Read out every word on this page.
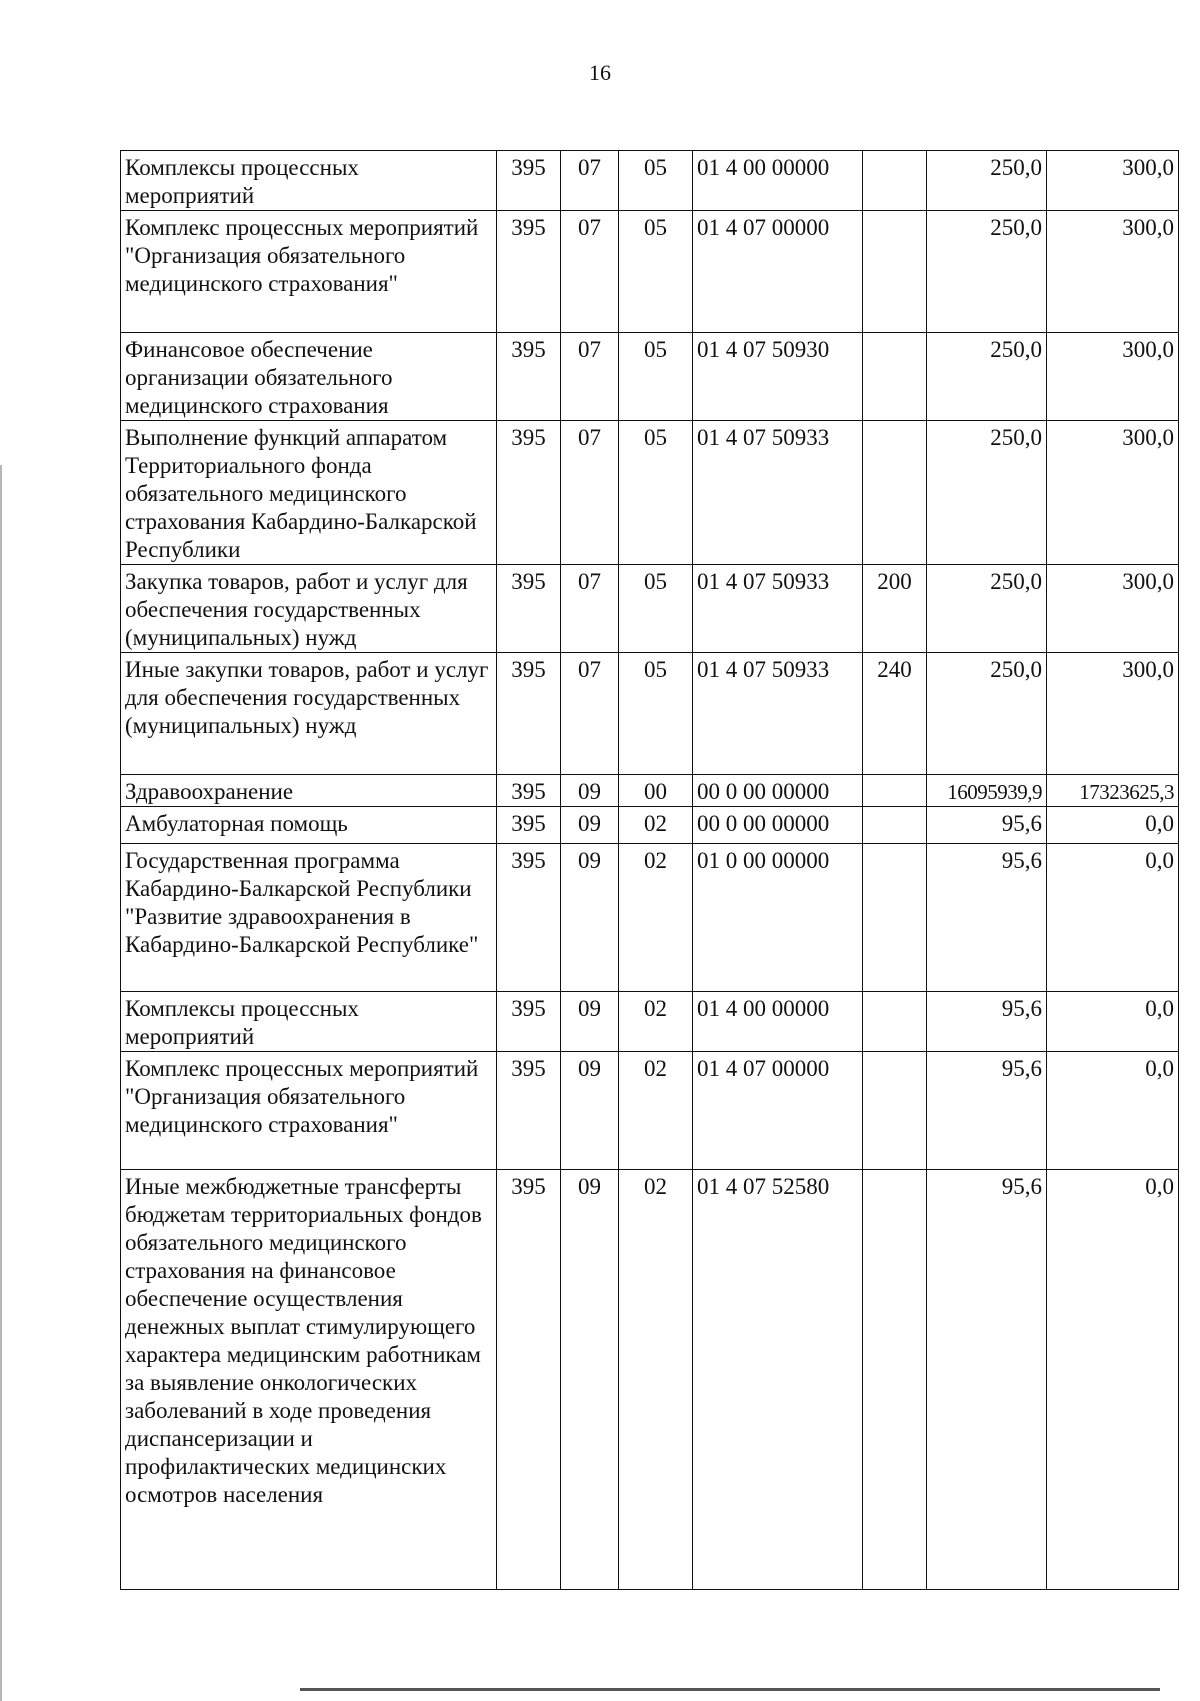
16
Комплексы процессных мероприятий	395	07	05	01 4 00 00000		250,0	300,0
Комплекс процессных мероприятий "Организация обязательного медицинского страхования"	395	07	05	01 4 07 00000		250,0	300,0
Финансовое обеспечение организации обязательного медицинского страхования	395	07	05	01 4 07 50930		250,0	300,0
Выполнение функций аппаратом Территориального фонда обязательного медицинского страхования Кабардино-Балкарской Республики	395	07	05	01 4 07 50933		250,0	300,0
Закупка товаров, работ и услуг для обеспечения государственных (муниципальных) нужд	395	07	05	01 4 07 50933	200	250,0	300,0
Иные закупки товаров, работ и услуг для обеспечения государственных (муниципальных) нужд	395	07	05	01 4 07 50933	240	250,0	300,0
Здравоохранение	395	09	00	00 0 00 00000		16095939,9	17323625,3
Амбулаторная помощь	395	09	02	00 0 00 00000		95,6	0,0
Государственная программа Кабардино-Балкарской Республики "Развитие здравоохранения в Кабардино-Балкарской Республике"	395	09	02	01 0 00 00000		95,6	0,0
Комплексы процессных мероприятий	395	09	02	01 4 00 00000		95,6	0,0
Комплекс процессных мероприятий "Организация обязательного медицинского страхования"	395	09	02	01 4 07 00000		95,6	0,0
Иные межбюджетные трансферты бюджетам территориальных фондов обязательного медицинского страхования на финансовое обеспечение осуществления денежных выплат стимулирующего характера медицинским работникам за выявление онкологических заболеваний в ходе проведения диспансеризации и профилактических медицинских осмотров населения	395	09	02	01 4 07 52580		95,6	0,0
